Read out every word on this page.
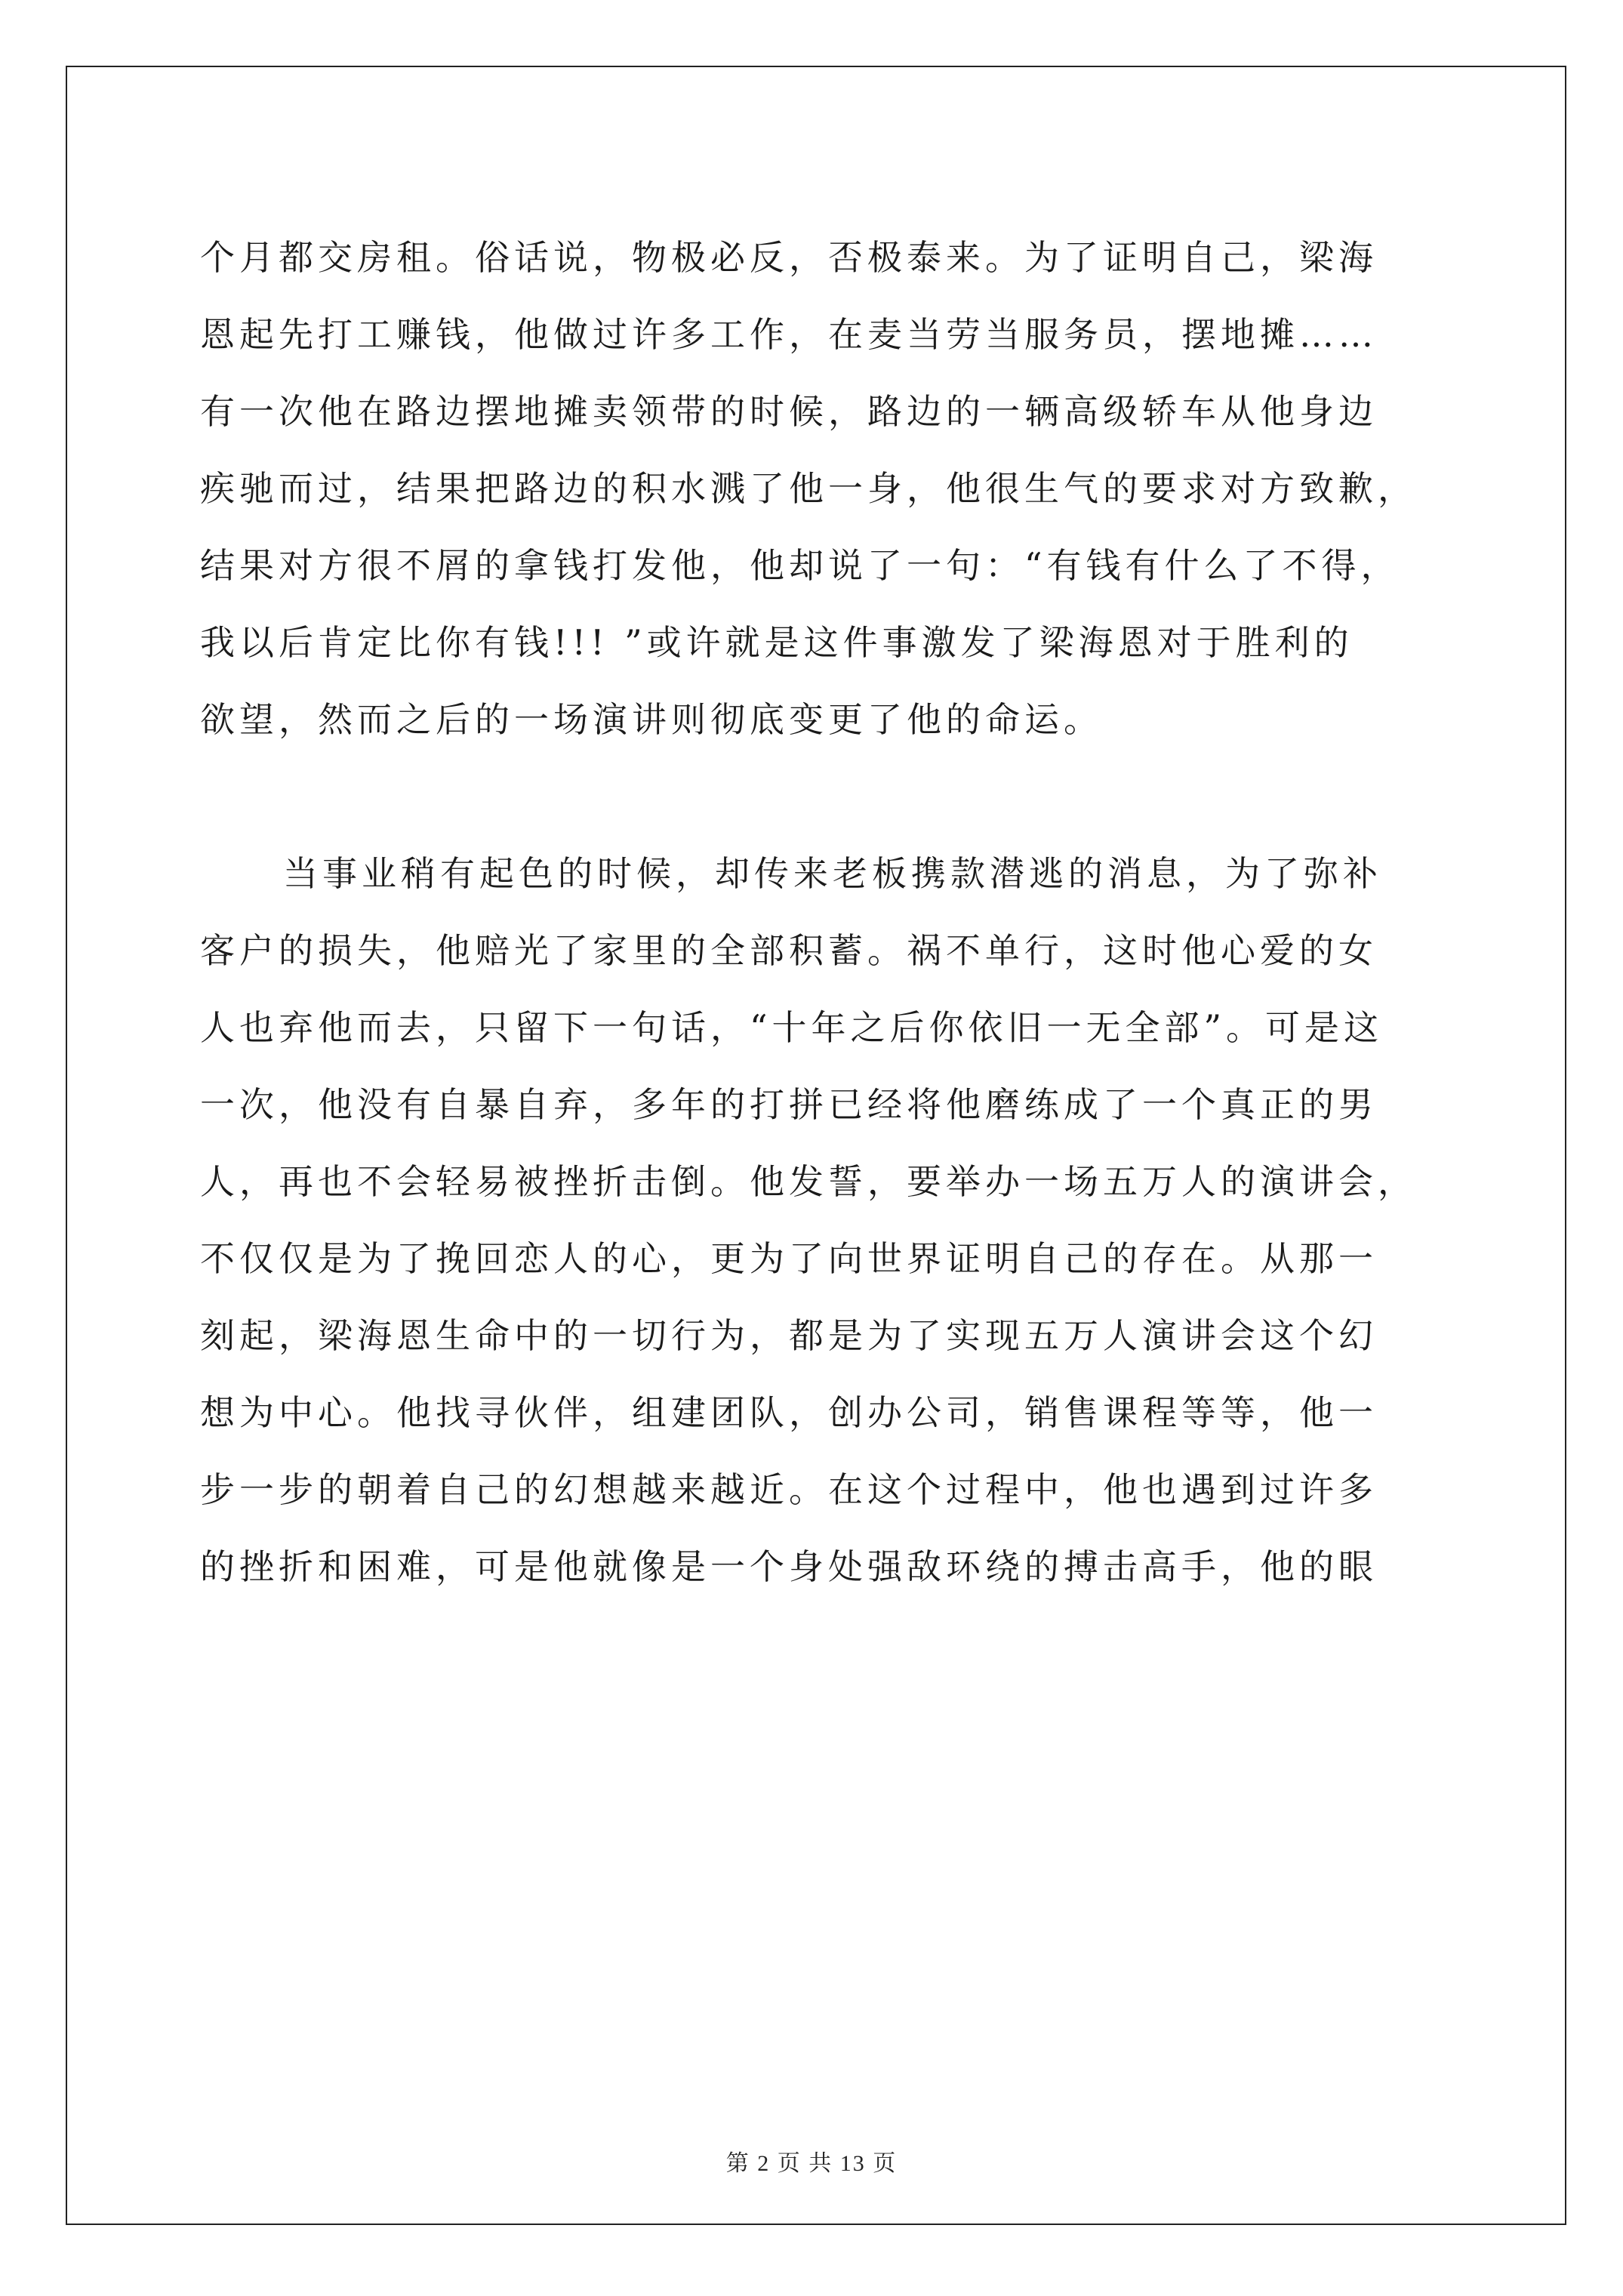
个月都交房租。俗话说，物极必反，否极泰来。为了证明自己，梁海
恩起先打工赚钱，他做过许多工作，在麦当劳当服务员，摆地摊……
有一次他在路边摆地摊卖领带的时候，路边的一辆高级轿车从他身边
疾驰而过，结果把路边的积水溅了他一身，他很生气的要求对方致歉，
结果对方很不屑的拿钱打发他，他却说了一句：“有钱有什么了不得，
我以后肯定比你有钱!!! ”或许就是这件事激发了梁海恩对于胜利的
欲望，然而之后的一场演讲则彻底变更了他的命运。
当事业稍有起色的时候，却传来老板携款潜逃的消息，为了弥补
客户的损失，他赔光了家里的全部积蓄。祸不单行，这时他心爱的女
人也弃他而去，只留下一句话，“十年之后你依旧一无全部”。可是这
一次，他没有自暴自弃，多年的打拼已经将他磨练成了一个真正的男
人，再也不会轻易被挫折击倒。他发誓，要举办一场五万人的演讲会，
不仅仅是为了挽回恋人的心，更为了向世界证明自己的存在。从那一
刻起，梁海恩生命中的一切行为，都是为了实现五万人演讲会这个幻
想为中心。他找寻伙伴，组建团队，创办公司，销售课程等等，他一
步一步的朝着自己的幻想越来越近。在这个过程中，他也遇到过许多
的挫折和困难，可是他就像是一个身处强敌环绕的搏击高手，他的眼
第 2 页 共 13 页
